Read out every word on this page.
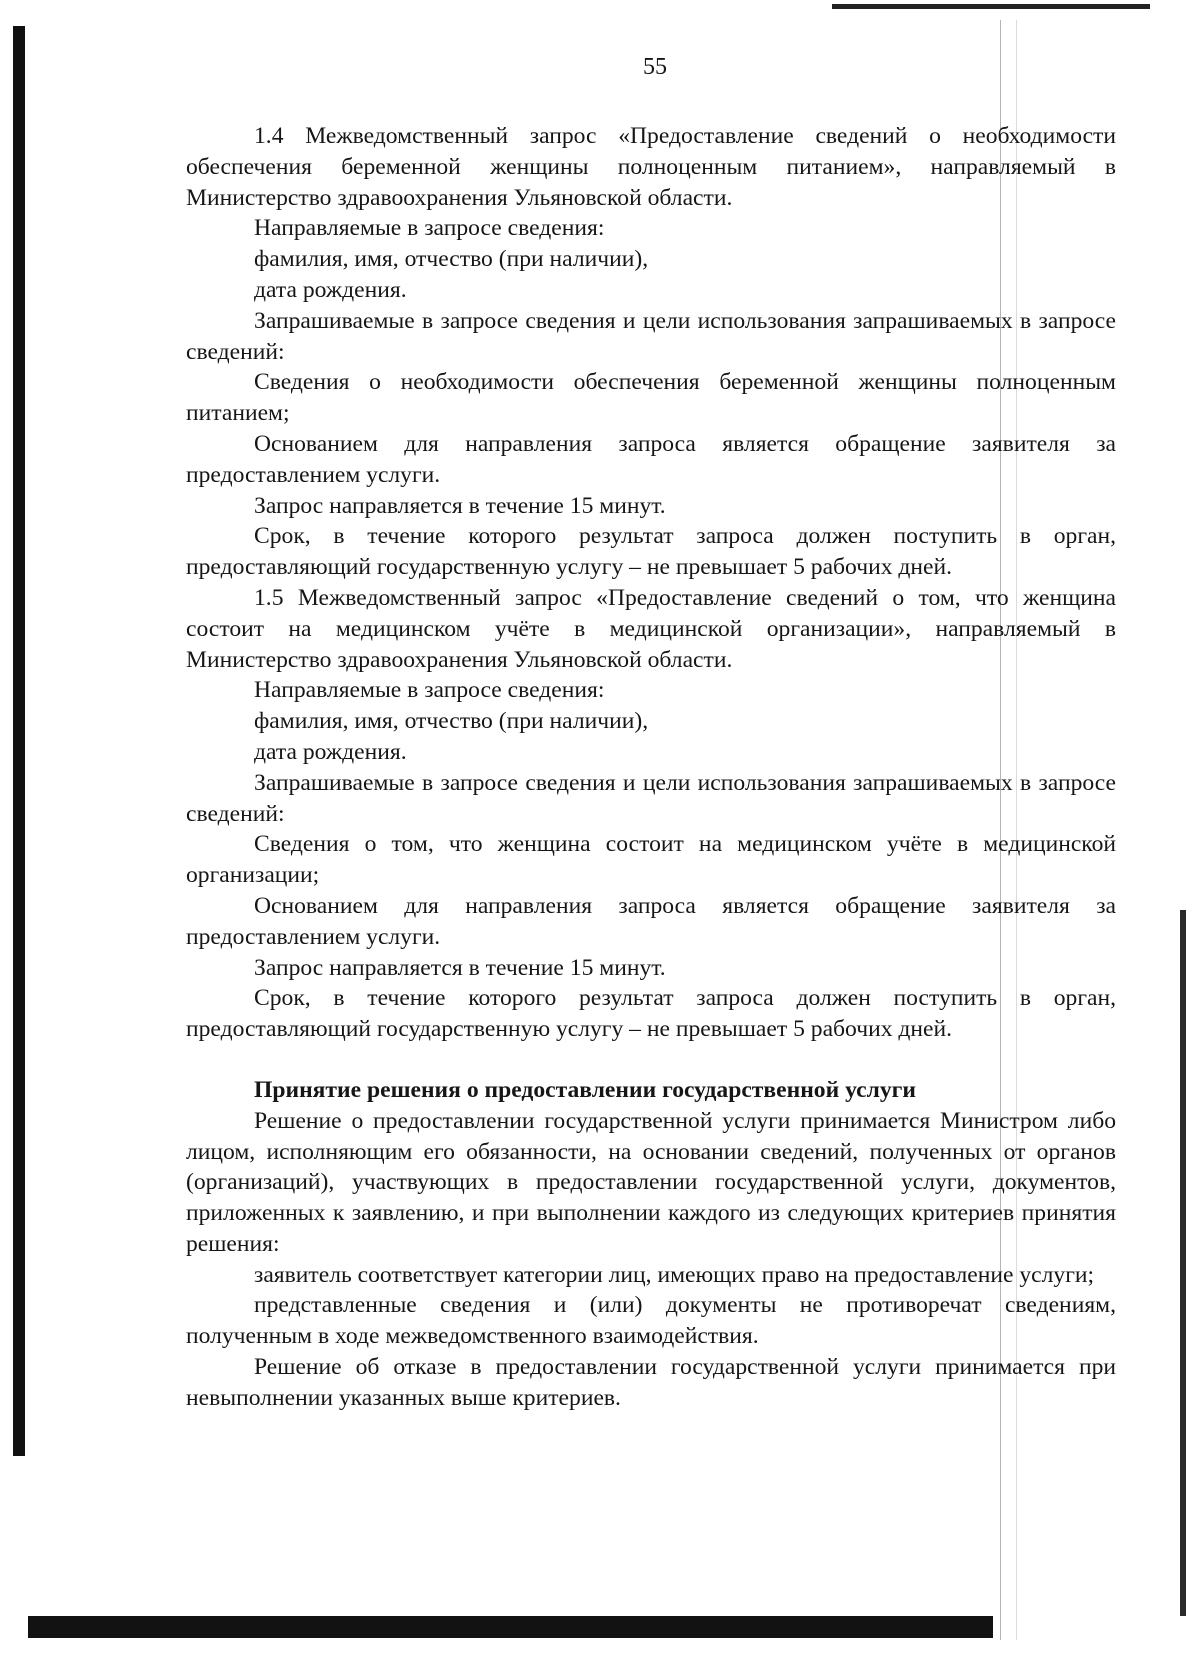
55

1.4 Межведомственный запрос «Предоставление сведений о необходимости обеспечения беременной женщины полноценным питанием», направляемый в Министерство здравоохранения Ульяновской области.

Направляемые в запросе сведения:

фамилия, имя, отчество (при наличии),

дата рождения.

Запрашиваемые в запросе сведения и цели использования запрашиваемых в запросе сведений:

Сведения о необходимости обеспечения беременной женщины полноценным питанием;

Основанием для направления запроса является обращение заявителя за предоставлением услуги.

Запрос направляется в течение 15 минут.

Срок, в течение которого результат запроса должен поступить в орган, предоставляющий государственную услугу – не превышает 5 рабочих дней.

1.5 Межведомственный запрос «Предоставление сведений о том, что женщина состоит на медицинском учёте в медицинской организации», направляемый в Министерство здравоохранения Ульяновской области.

Направляемые в запросе сведения:

фамилия, имя, отчество (при наличии),

дата рождения.

Запрашиваемые в запросе сведения и цели использования запрашиваемых в запросе сведений:

Сведения о том, что женщина состоит на медицинском учёте в медицинской организации;

Основанием для направления запроса является обращение заявителя за предоставлением услуги.

Запрос направляется в течение 15 минут.

Срок, в течение которого результат запроса должен поступить в орган, предоставляющий государственную услугу – не превышает 5 рабочих дней.

Принятие решения о предоставлении государственной услуги

Решение о предоставлении государственной услуги принимается Министром либо лицом, исполняющим его обязанности, на основании сведений, полученных от органов (организаций), участвующих в предоставлении государственной услуги, документов, приложенных к заявлению, и при выполнении каждого из следующих критериев принятия решения:

заявитель соответствует категории лиц, имеющих право на предоставление услуги;

представленные сведения и (или) документы не противоречат сведениям, полученным в ходе межведомственного взаимодействия.

Решение об отказе в предоставлении государственной услуги принимается при невыполнении указанных выше критериев.
